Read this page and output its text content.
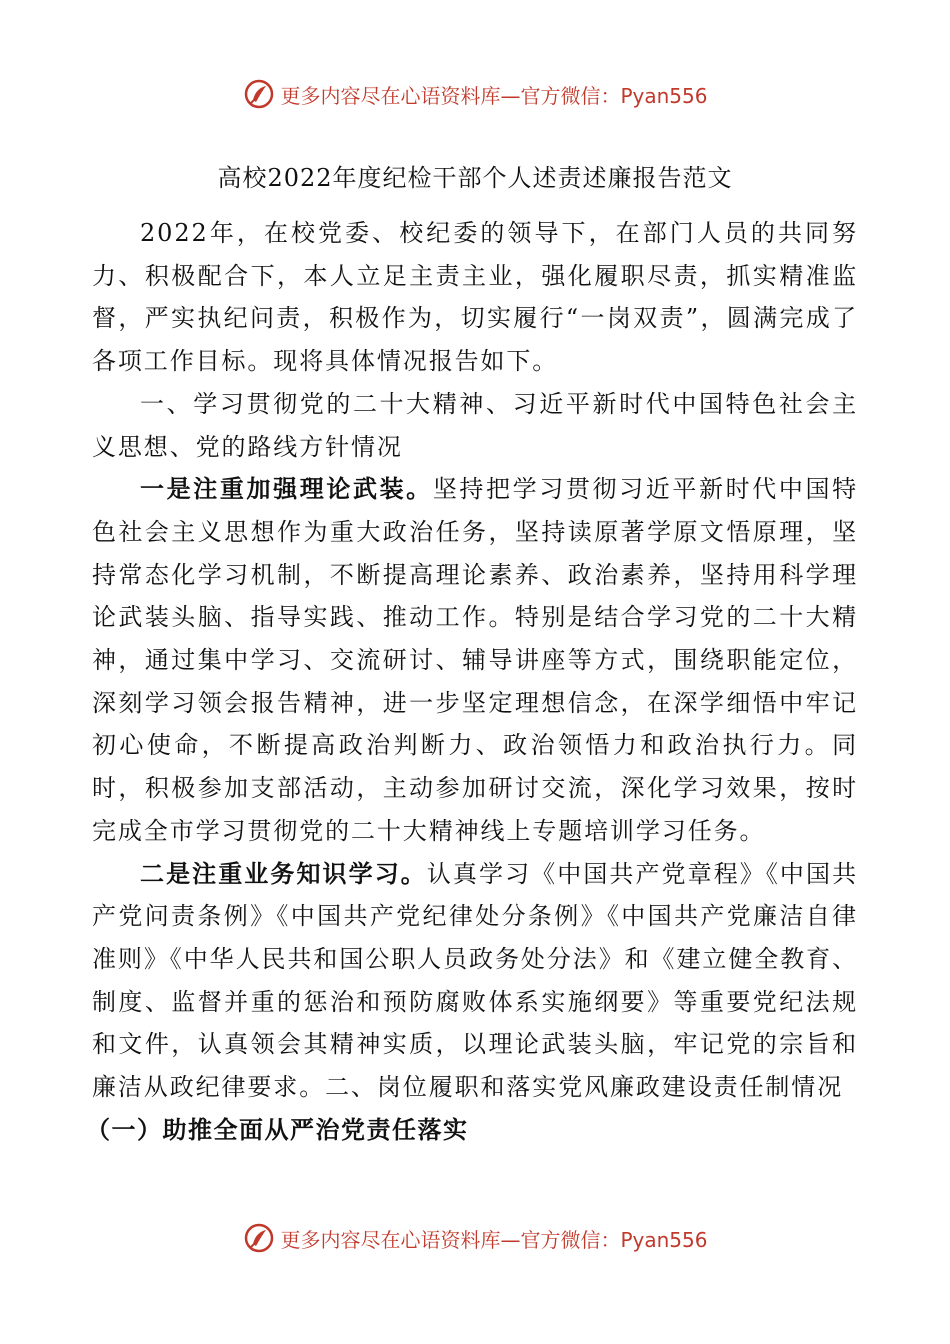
更多内容尽在心语资料库—官方微信：Pyan556
高校2022年度纪检干部个人述责述廉报告范文

2022年，在校党委、校纪委的领导下，在部门人员的共同努力、积极配合下，本人立足主责主业，强化履职尽责，抓实精准监督，严实执纪问责，积极作为，切实履行“一岗双责”，圆满完成了各项工作目标。现将具体情况报告如下。

一、学习贯彻党的二十大精神、习近平新时代中国特色社会主义思想、党的路线方针情况

一是注重加强理论武装。坚持把学习贯彻习近平新时代中国特色社会主义思想作为重大政治任务，坚持读原著学原文悟原理，坚持常态化学习机制，不断提高理论素养、政治素养，坚持用科学理论武装头脑、指导实践、推动工作。特别是结合学习党的二十大精神，通过集中学习、交流研讨、辅导讲座等方式，围绕职能定位，深刻学习领会报告精神，进一步坚定理想信念，在深学细悟中牢记初心使命，不断提高政治判断力、政治领悟力和政治执行力。同时，积极参加支部活动，主动参加研讨交流，深化学习效果，按时完成全市学习贯彻党的二十大精神线上专题培训学习任务。

二是注重业务知识学习。认真学习《中国共产党章程》《中国共产党问责条例》《中国共产党纪律处分条例》《中国共产党廉洁自律准则》《中华人民共和国公职人员政务处分法》和《建立健全教育、制度、监督并重的惩治和预防腐败体系实施纲要》等重要党纪法规和文件，认真领会其精神实质，以理论武装头脑，牢记党的宗旨和廉洁从政纪律要求。二、岗位履职和落实党风廉政建设责任制情况

（一）助推全面从严治党责任落实

更多内容尽在心语资料库—官方微信：Pyan556
